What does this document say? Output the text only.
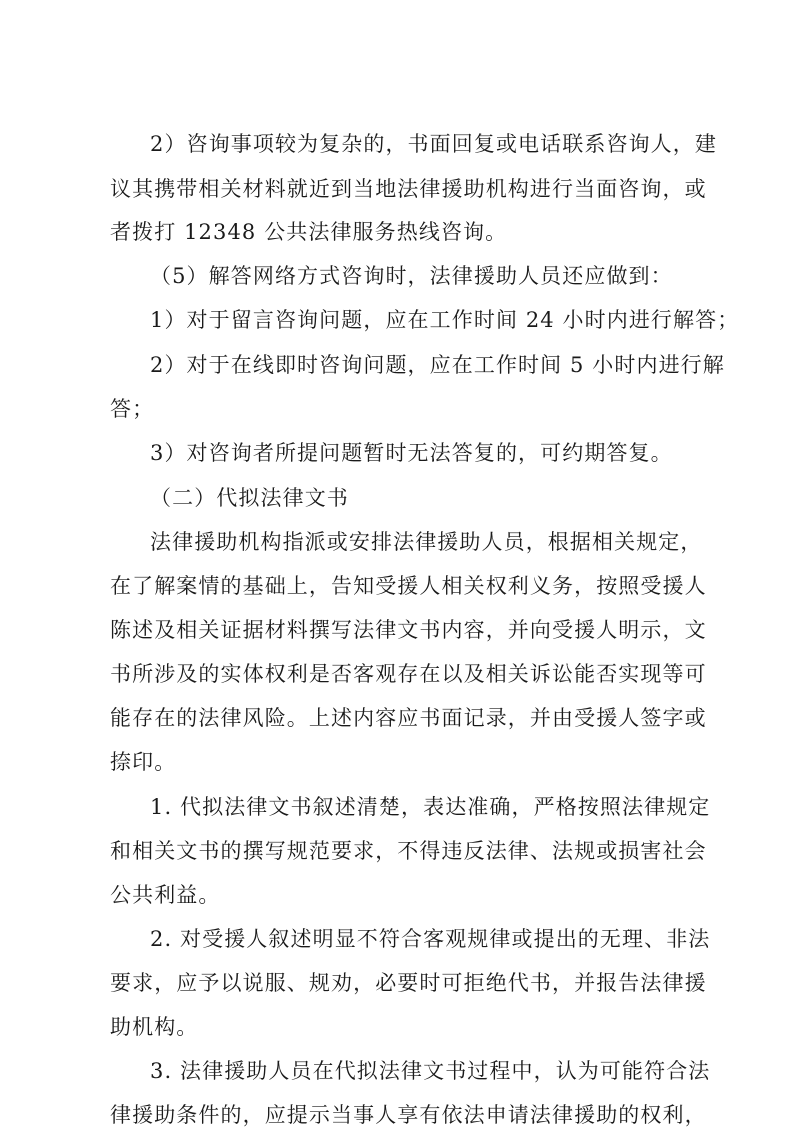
2）咨询事项较为复杂的，书面回复或电话联系咨询人，建
议其携带相关材料就近到当地法律援助机构进行当面咨询，或
者拨打 12348 公共法律服务热线咨询。
（5）解答网络方式咨询时，法律援助人员还应做到：
1）对于留言咨询问题，应在工作时间 24 小时内进行解答；
2）对于在线即时咨询问题，应在工作时间 5 小时内进行解
答；
3）对咨询者所提问题暂时无法答复的，可约期答复。
（二）代拟法律文书
法律援助机构指派或安排法律援助人员，根据相关规定，
在了解案情的基础上，告知受援人相关权利义务，按照受援人
陈述及相关证据材料撰写法律文书内容，并向受援人明示，文
书所涉及的实体权利是否客观存在以及相关诉讼能否实现等可
能存在的法律风险。上述内容应书面记录，并由受援人签字或
捺印。
1. 代拟法律文书叙述清楚，表达准确，严格按照法律规定
和相关文书的撰写规范要求，不得违反法律、法规或损害社会
公共利益。
2. 对受援人叙述明显不符合客观规律或提出的无理、非法
要求，应予以说服、规劝，必要时可拒绝代书，并报告法律援
助机构。
3. 法律援助人员在代拟法律文书过程中，认为可能符合法
律援助条件的，应提示当事人享有依法申请法律援助的权利，
